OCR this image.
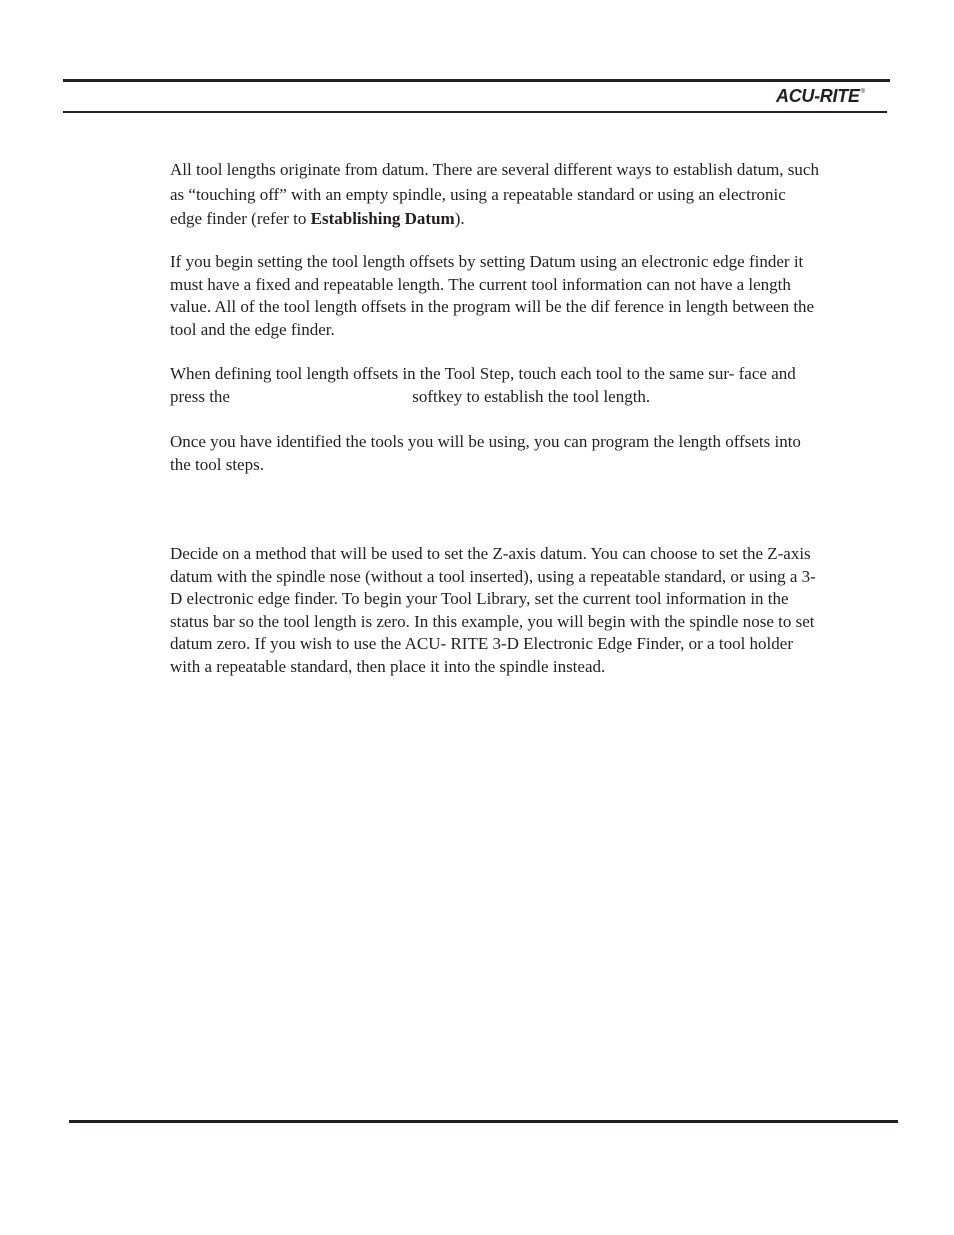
ACU-RITE ®

All tool lengths originate from datum. There are several different ways to establish datum, such as “touching off” with an empty spindle, using a repeatable standard or using an electronic edge finder (refer to Establishing Datum).

If you begin setting the tool length offsets by setting Datum using an electronic edge finder it must have a fixed and repeatable length. The current tool information can not have a length value. All of the tool length offsets in the program will be the dif ference in length between the tool and the edge finder.

When defining tool length offsets in the Tool Step, touch each tool to the same sur- face and press the	softkey to establish the tool length.

Once you have identified the tools you will be using, you can program the length offsets into the tool steps.

Decide on a method that will be used to set the Z-axis datum. You can choose to set the Z-axis datum with the spindle nose (without a tool inserted), using a repeatable standard, or using a 3-D electronic edge finder. To begin your Tool Library, set the current tool information in the status bar so the tool length is zero. In this example, you will begin with the spindle nose to set datum zero. If you wish to use the ACU- RITE 3-D Electronic Edge Finder, or a tool holder with a repeatable standard, then place it into the spindle instead.
